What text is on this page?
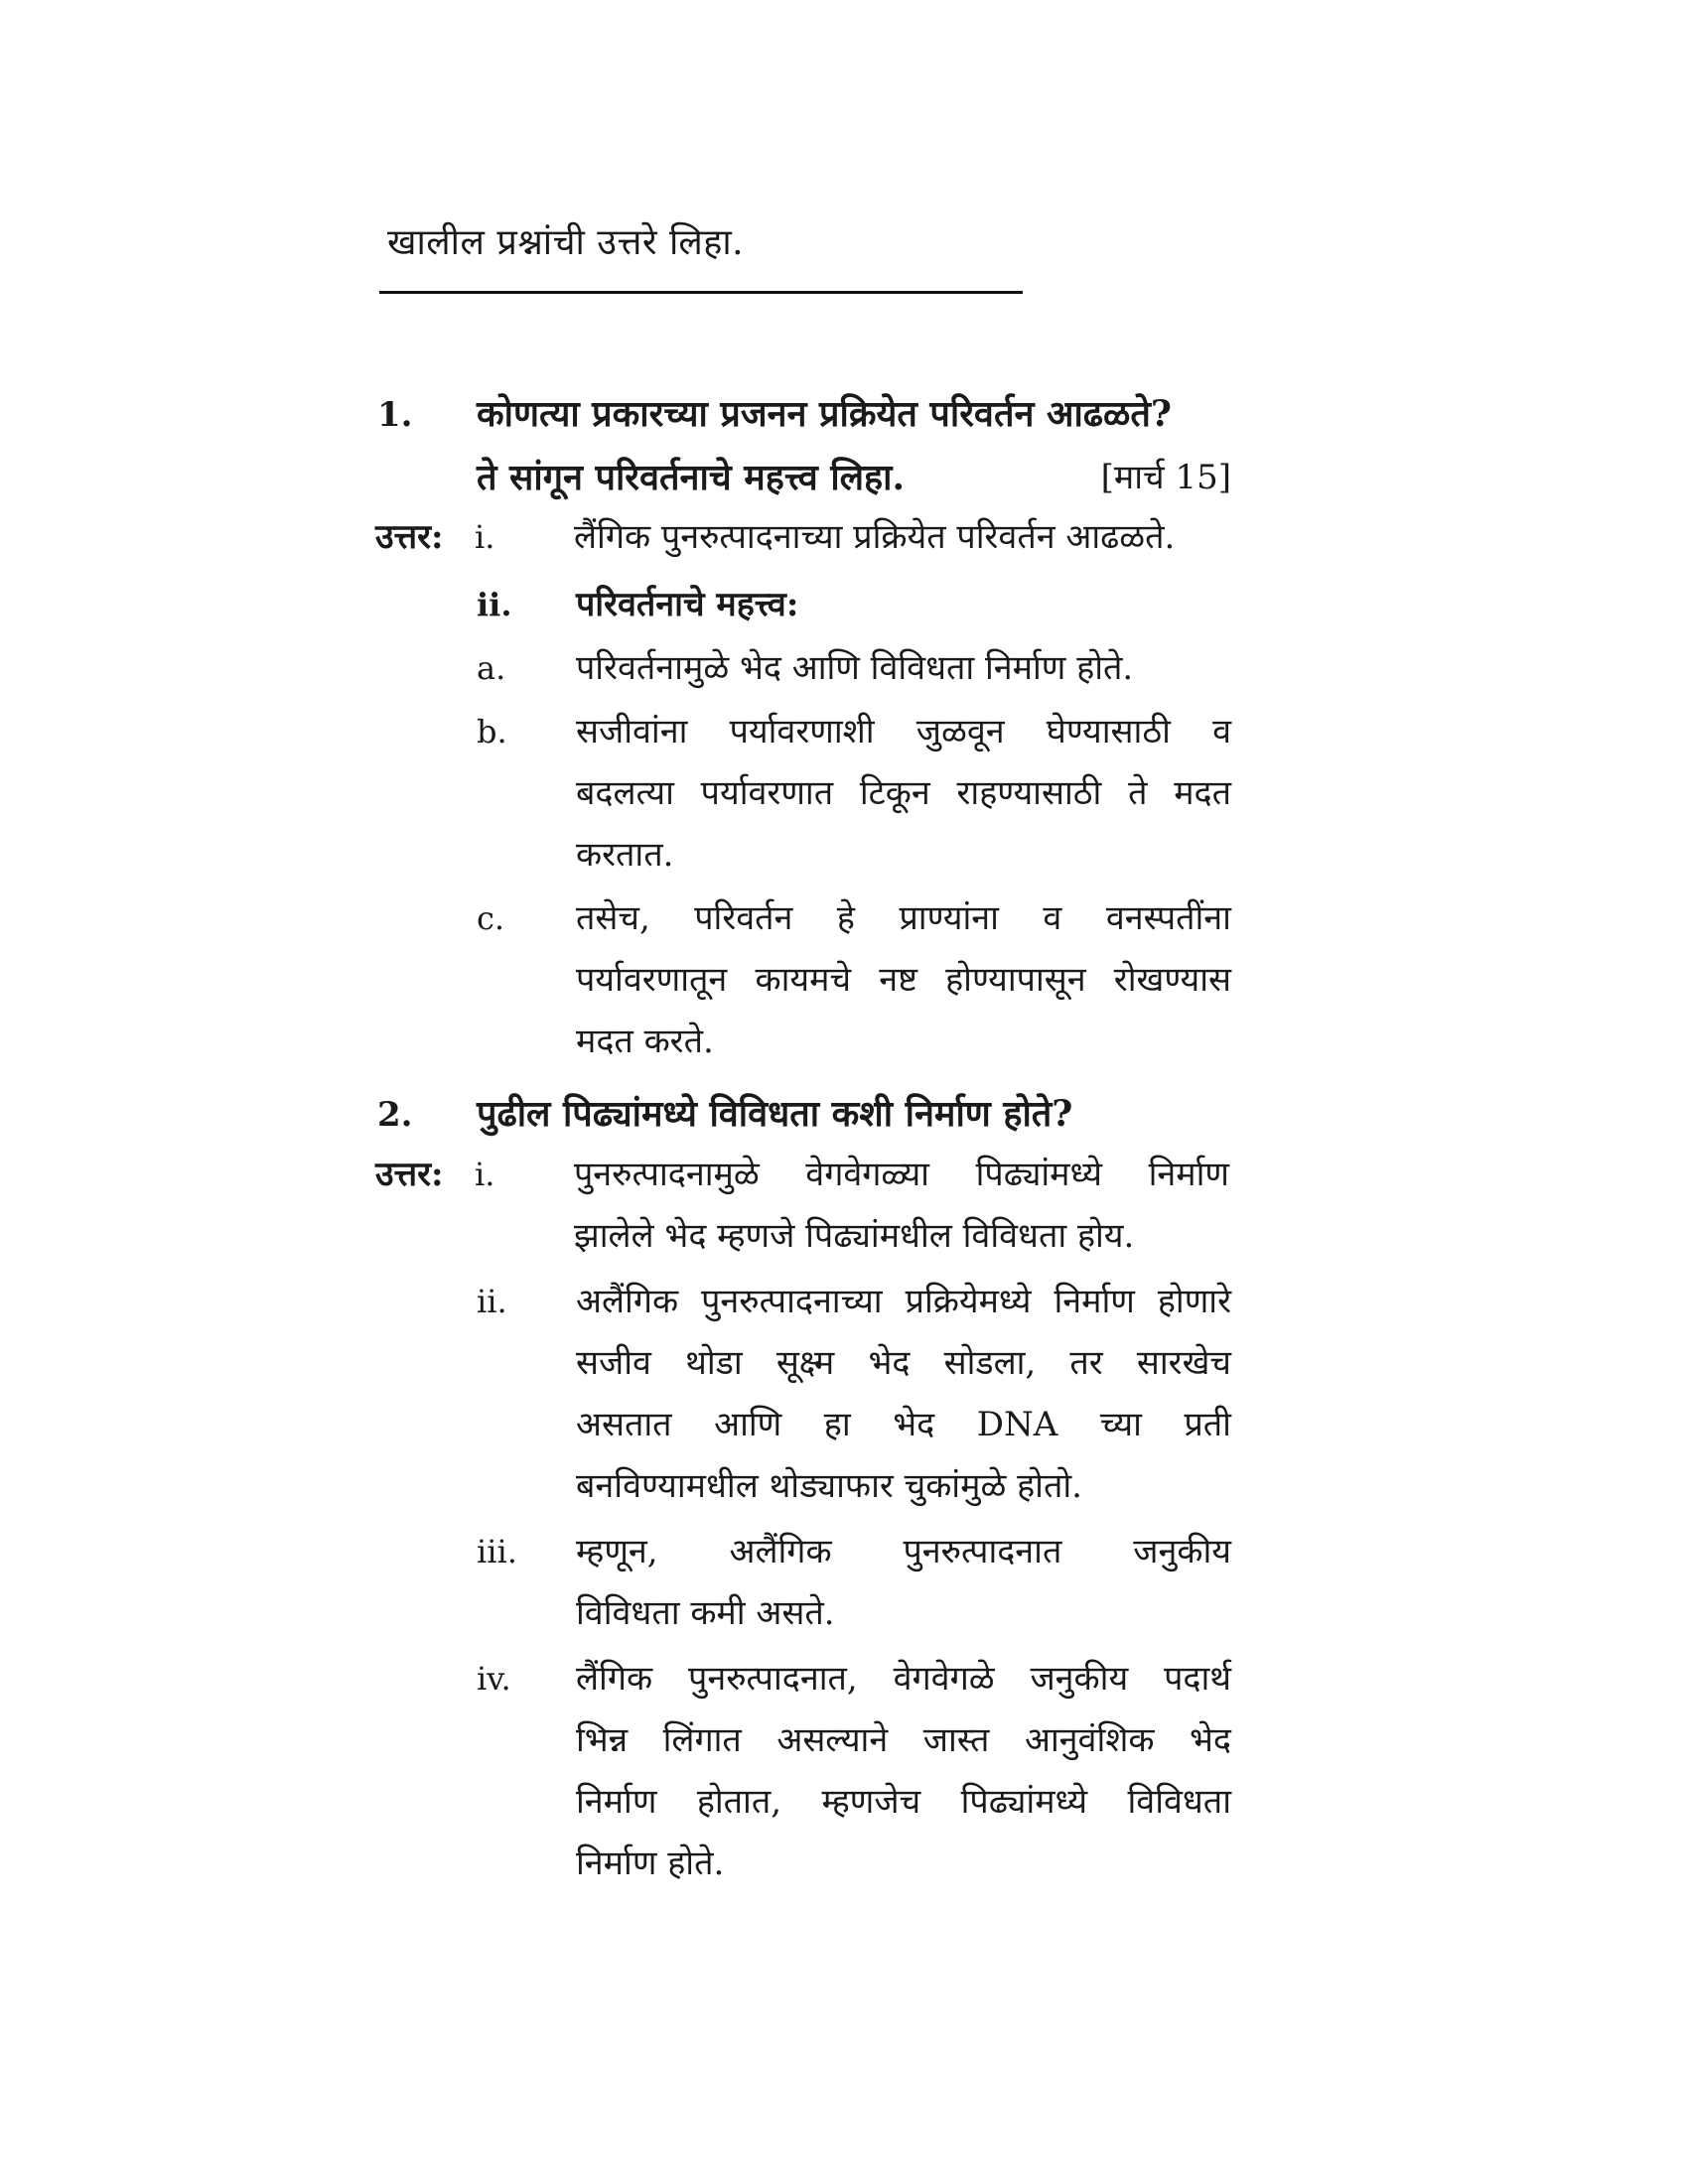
खालील प्रश्नांची उत्तरे लिहा.
1.	कोणत्या प्रकारच्या प्रजनन प्रक्रियेत परिवर्तन आढळते?
ते सांगून परिवर्तनाचे महत्त्व लिहा.	[मार्च 15]
उत्तर: i.	लैंगिक पुनरुत्पादनाच्या प्रक्रियेत परिवर्तन आढळते.
ii.	परिवर्तनाचे महत्त्व:
a.	परिवर्तनामुळे भेद आणि विविधता निर्माण होते.
b.	सजीवांना पर्यावरणाशी जुळवून घेण्यासाठी व
बदलत्या पर्यावरणात टिकून राहण्यासाठी ते मदत
करतात.
c.	तसेच, परिवर्तन हे प्राण्यांना व वनस्पतींना
पर्यावरणातून कायमचे नष्ट होण्यापासून रोखण्यास
मदत करते.
2.	पुढील पिढ्यांमध्ये विविधता कशी निर्माण होते?
उत्तर: i.	पुनरुत्पादनामुळे वेगवेगळ्या पिढ्यांमध्ये निर्माण
झालेले भेद म्हणजे पिढ्यांमधील विविधता होय.
ii.	अलैंगिक पुनरुत्पादनाच्या प्रक्रियेमध्ये निर्माण होणारे
सजीव थोडा सूक्ष्म भेद सोडला, तर सारखेच
असतात आणि हा भेद DNA च्या प्रती
बनविण्यामधील थोड्याफार चुकांमुळे होतो.
iii.	म्हणून, अलैंगिक पुनरुत्पादनात जनुकीय
विविधता कमी असते.
iv.	लैंगिक पुनरुत्पादनात, वेगवेगळे जनुकीय पदार्थ
भिन्न लिंगात असल्याने जास्त आनुवंशिक भेद
निर्माण होतात, म्हणजेच पिढ्यांमध्ये विविधता
निर्माण होते.
